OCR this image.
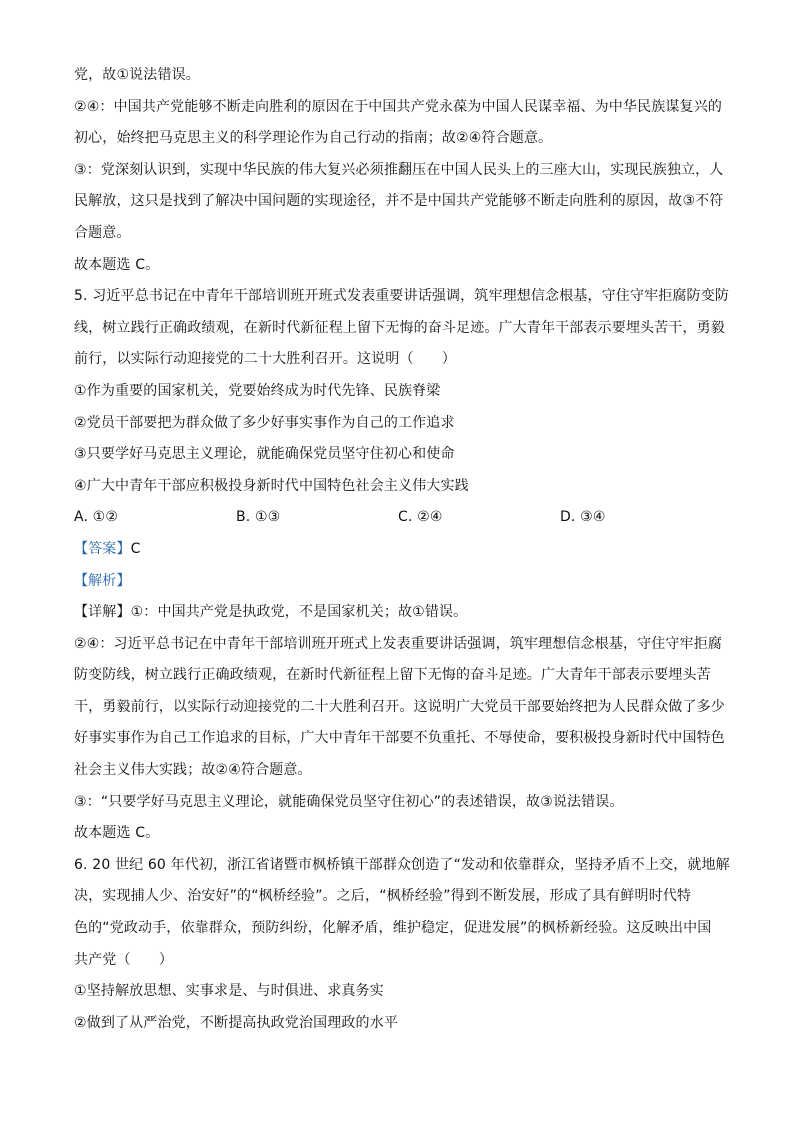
党，故①说法错误。
②④：中国共产党能够不断走向胜利的原因在于中国共产党永葆为中国人民谋幸福、为中华民族谋复兴的
初心，始终把马克思主义的科学理论作为自己行动的指南；故②④符合题意。
③：党深刻认识到，实现中华民族的伟大复兴必须推翻压在中国人民头上的三座大山，实现民族独立，人
民解放，这只是找到了解决中国问题的实现途径，并不是中国共产党能够不断走向胜利的原因，故③不符
合题意。
故本题选 C。
5. 习近平总书记在中青年干部培训班开班式发表重要讲话强调，筑牢理想信念根基，守住守牢拒腐防变防
线，树立践行正确政绩观，在新时代新征程上留下无悔的奋斗足迹。广大青年干部表示要埋头苦干，勇毅
前行，以实际行动迎接党的二十大胜利召开。这说明（　　）
①作为重要的国家机关，党要始终成为时代先锋、民族脊梁
②党员干部要把为群众做了多少好事实事作为自己的工作追求
③只要学好马克思主义理论，就能确保党员坚守住初心和使命
④广大中青年干部应积极投身新时代中国特色社会主义伟大实践
A. ①②	B. ①③	C. ②④	D. ③④
【答案】C
【解析】
【详解】①：中国共产党是执政党，不是国家机关；故①错误。
②④：习近平总书记在中青年干部培训班开班式上发表重要讲话强调，筑牢理想信念根基，守住守牢拒腐
防变防线，树立践行正确政绩观，在新时代新征程上留下无悔的奋斗足迹。广大青年干部表示要埋头苦
干，勇毅前行，以实际行动迎接党的二十大胜利召开。这说明广大党员干部要始终把为人民群众做了多少
好事实事作为自己工作追求的目标，广大中青年干部要不负重托、不辱使命，要积极投身新时代中国特色
社会主义伟大实践；故②④符合题意。
③：“只要学好马克思主义理论，就能确保党员坚守住初心”的表述错误，故③说法错误。
故本题选 C。
6. 20 世纪 60 年代初，浙江省诸暨市枫桥镇干部群众创造了“发动和依靠群众，坚持矛盾不上交，就地解
决，实现捕人少、治安好”的“枫桥经验”。之后，“枫桥经验”得到不断发展，形成了具有鲜明时代特
色的“党政动手，依靠群众，预防纠纷，化解矛盾，维护稳定，促进发展”的枫桥新经验。这反映出中国
共产党（　　）
①坚持解放思想、实事求是、与时俱进、求真务实
②做到了从严治党，不断提高执政党治国理政的水平
